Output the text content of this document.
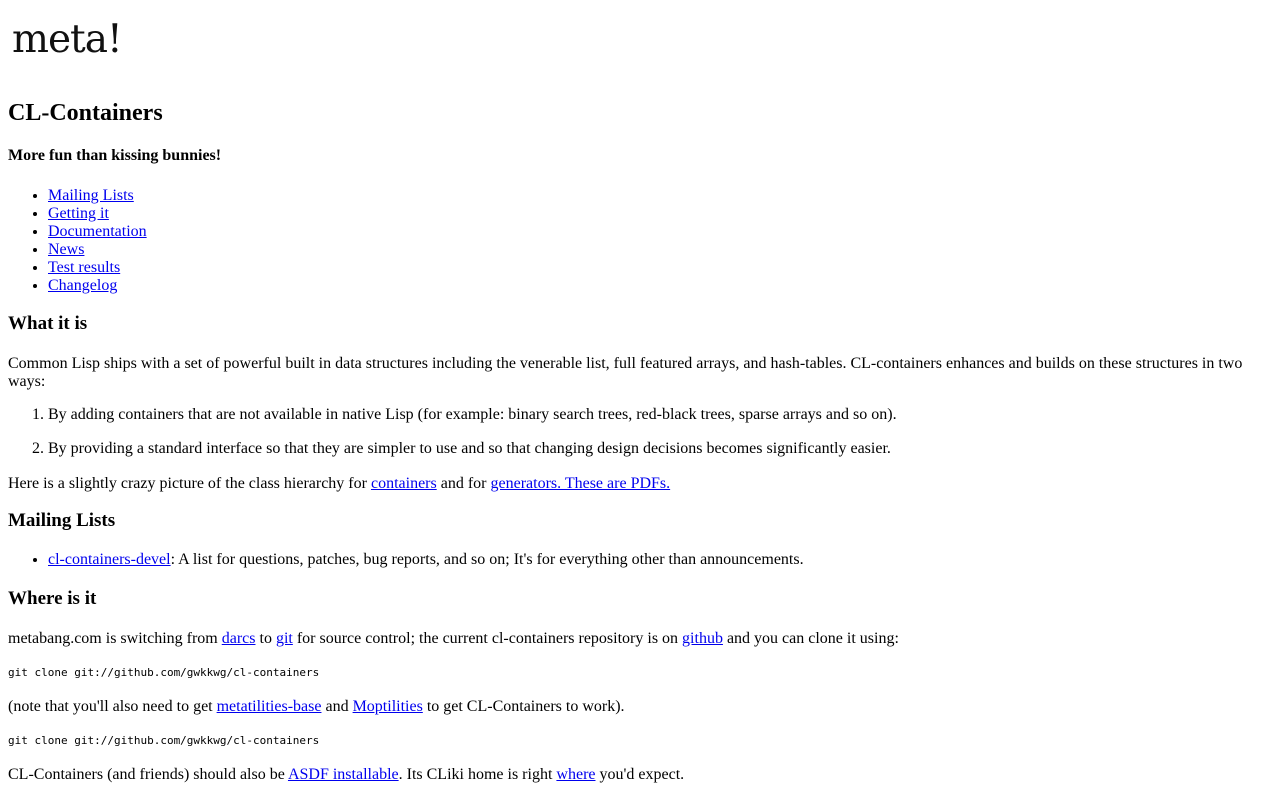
meta!
CL-Containers
More fun than kissing bunnies!
• Mailing Lists
• Getting it
• Documentation
• News
• Test results
• Changelog
What it is

Common Lisp ships with a set of powerful built in data structures including the venerable list, full featured arrays, and hash-tables. CL-containers enhances and builds on these structures in two ways:

1. By adding containers that are not available in native Lisp (for example: binary search trees, red-black trees, sparse arrays and so on).
2. By providing a standard interface so that they are simpler to use and so that changing design decisions becomes significantly easier.

Here is a slightly crazy picture of the class hierarchy for containers and for generators. These are PDFs.

Mailing Lists
• cl-containers-devel: A list for questions, patches, bug reports, and so on; It's for everything other than announcements.
Where is it

metabang.com is switching from darcs to git for source control; the current cl-containers repository is on github and you can clone it using:

git clone git://github.com/gwkkwg/cl-containers

(note that you'll also need to get metatilities-base and Moptilities to get CL-Containers to work).

git clone git://github.com/gwkkwg/cl-containers

CL-Containers (and friends) should also be ASDF installable. Its CLiki home is right where you'd expect.
